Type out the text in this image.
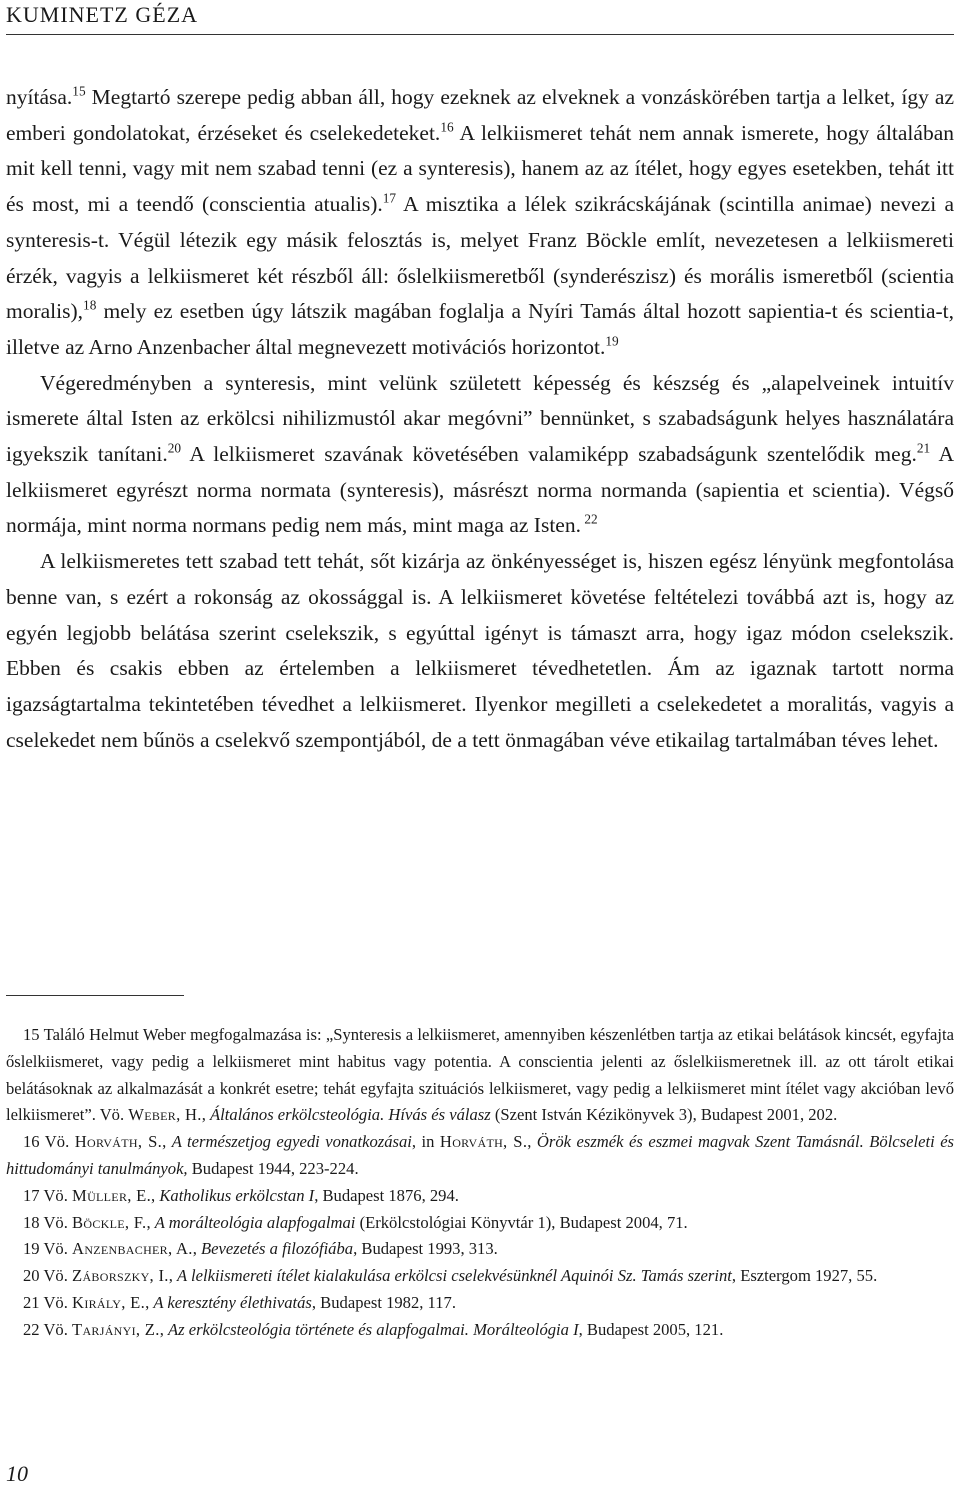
KUMINETZ GÉZA

nyítása.$^{15}$ Megtartó szerepe pedig abban áll, hogy ezeknek az elveknek a vonzáskörében tartja a lelket, így az emberi gondolatokat, érzéseket és cselekedeteket.$^{16}$ A lelkiismeret tehát nem annak ismerete, hogy általában mit kell tenni, vagy mit nem szabad tenni (ez a synteresis), hanem az az ítélet, hogy egyes esetekben, tehát itt és most, mi a teendő (conscientia atualis).$^{17}$ A misztika a lélek szikrácskájának (scintilla animae) nevezi a synteresis-t. Végül létezik egy másik felosztás is, melyet Franz Böckle említ, nevezetesen a lelkiismereti érzék, vagyis a lelkiismeret két részből áll: őslelkiismeretből (synderészisz) és morális ismeretből (scientia moralis),$^{18}$ mely ez esetben úgy látszik magában foglalja a Nyíri Tamás által hozott sapientia-t és scientia-t, illetve az Arno Anzenbacher által megnevezett motivációs horizontot.$^{19}$

Végeredményben a synteresis, mint velünk született képesség és készség és „alapelveinek intuitív ismerete által Isten az erkölcsi nihilizmustól akar megóvni” bennünket, s szabadságunk helyes használatára igyekszik tanítani.$^{20}$ A lelkiismeret szavának követésében valamiképp szabadságunk szentelődik meg.$^{21}$ A lelkiismeret egyrészt norma normata (synteresis), másrészt norma normanda (sapientia et scientia). Végső normája, mint norma normans pedig nem más, mint maga az Isten. $^{22}$

A lelkiismeretes tett szabad tett tehát, sőt kizárja az önkényességet is, hiszen egész lényünk megfontolása benne van, s ezért a rokonság az okossággal is. A lelkiismeret követése feltételezi továbbá azt is, hogy az egyén legjobb belátása szerint cselekszik, s egyúttal igényt is támaszt arra, hogy igaz módon cselekszik. Ebben és csakis ebben az értelemben a lelkiismeret tévedhetetlen. Ám az igaznak tartott norma igazságtartalma tekintetében tévedhet a lelkiismeret. Ilyenkor megilleti a cselekedetet a moralitás, vagyis a cselekedet nem bűnös a cselekvő szempontjából, de a tett önmagában véve etikailag tartalmában téves lehet.

15 Találó Helmut Weber megfogalmazása is: „Synteresis a lelkiismeret, amennyiben készenlétben tartja az etikai belátások kincsét, egyfajta őslelkiismeret, vagy pedig a lelkiismeret mint habitus vagy potentia. A conscientia jelenti az őslelkiismeretnek ill. az ott tárolt etikai belátásoknak az alkalmazását a konkrét esetre; tehát egyfajta szituációs lelkiismeret, vagy pedig a lelkiismeret mint ítélet vagy akcióban levő lelkiismeret”. Vö. Weber, H., Általános erkölcsteológia. Hívás és válasz (Szent István Kézikönyvek 3), Budapest 2001, 202.

16 Vö. Horváth, S., A természetjog egyedi vonatkozásai, in Horváth, S., Örök eszmék és eszmei magvak Szent Tamásnál. Bölcseleti és hittudományi tanulmányok, Budapest 1944, 223-224.

17 Vö. Müller, E., Katholikus erkölcstan I, Budapest 1876, 294.

18 Vö. Böckle, F., A morálteológia alapfogalmai (Erkölcstológiai Könyvtár 1), Budapest 2004, 71.

19 Vö. Anzenbacher, A., Bevezetés a filozófiába, Budapest 1993, 313.

20 Vö. Záborszky, I., A lelkiismereti ítélet kialakulása erkölcsi cselekvésünknél Aquinói Sz. Tamás szerint, Esztergom 1927, 55.

21 Vö. Király, E., A keresztény élethivatás, Budapest 1982, 117.

22 Vö. Tarjányi, Z., Az erkölcsteológia története és alapfogalmai. Morálteológia I, Budapest 2005, 121.

10
